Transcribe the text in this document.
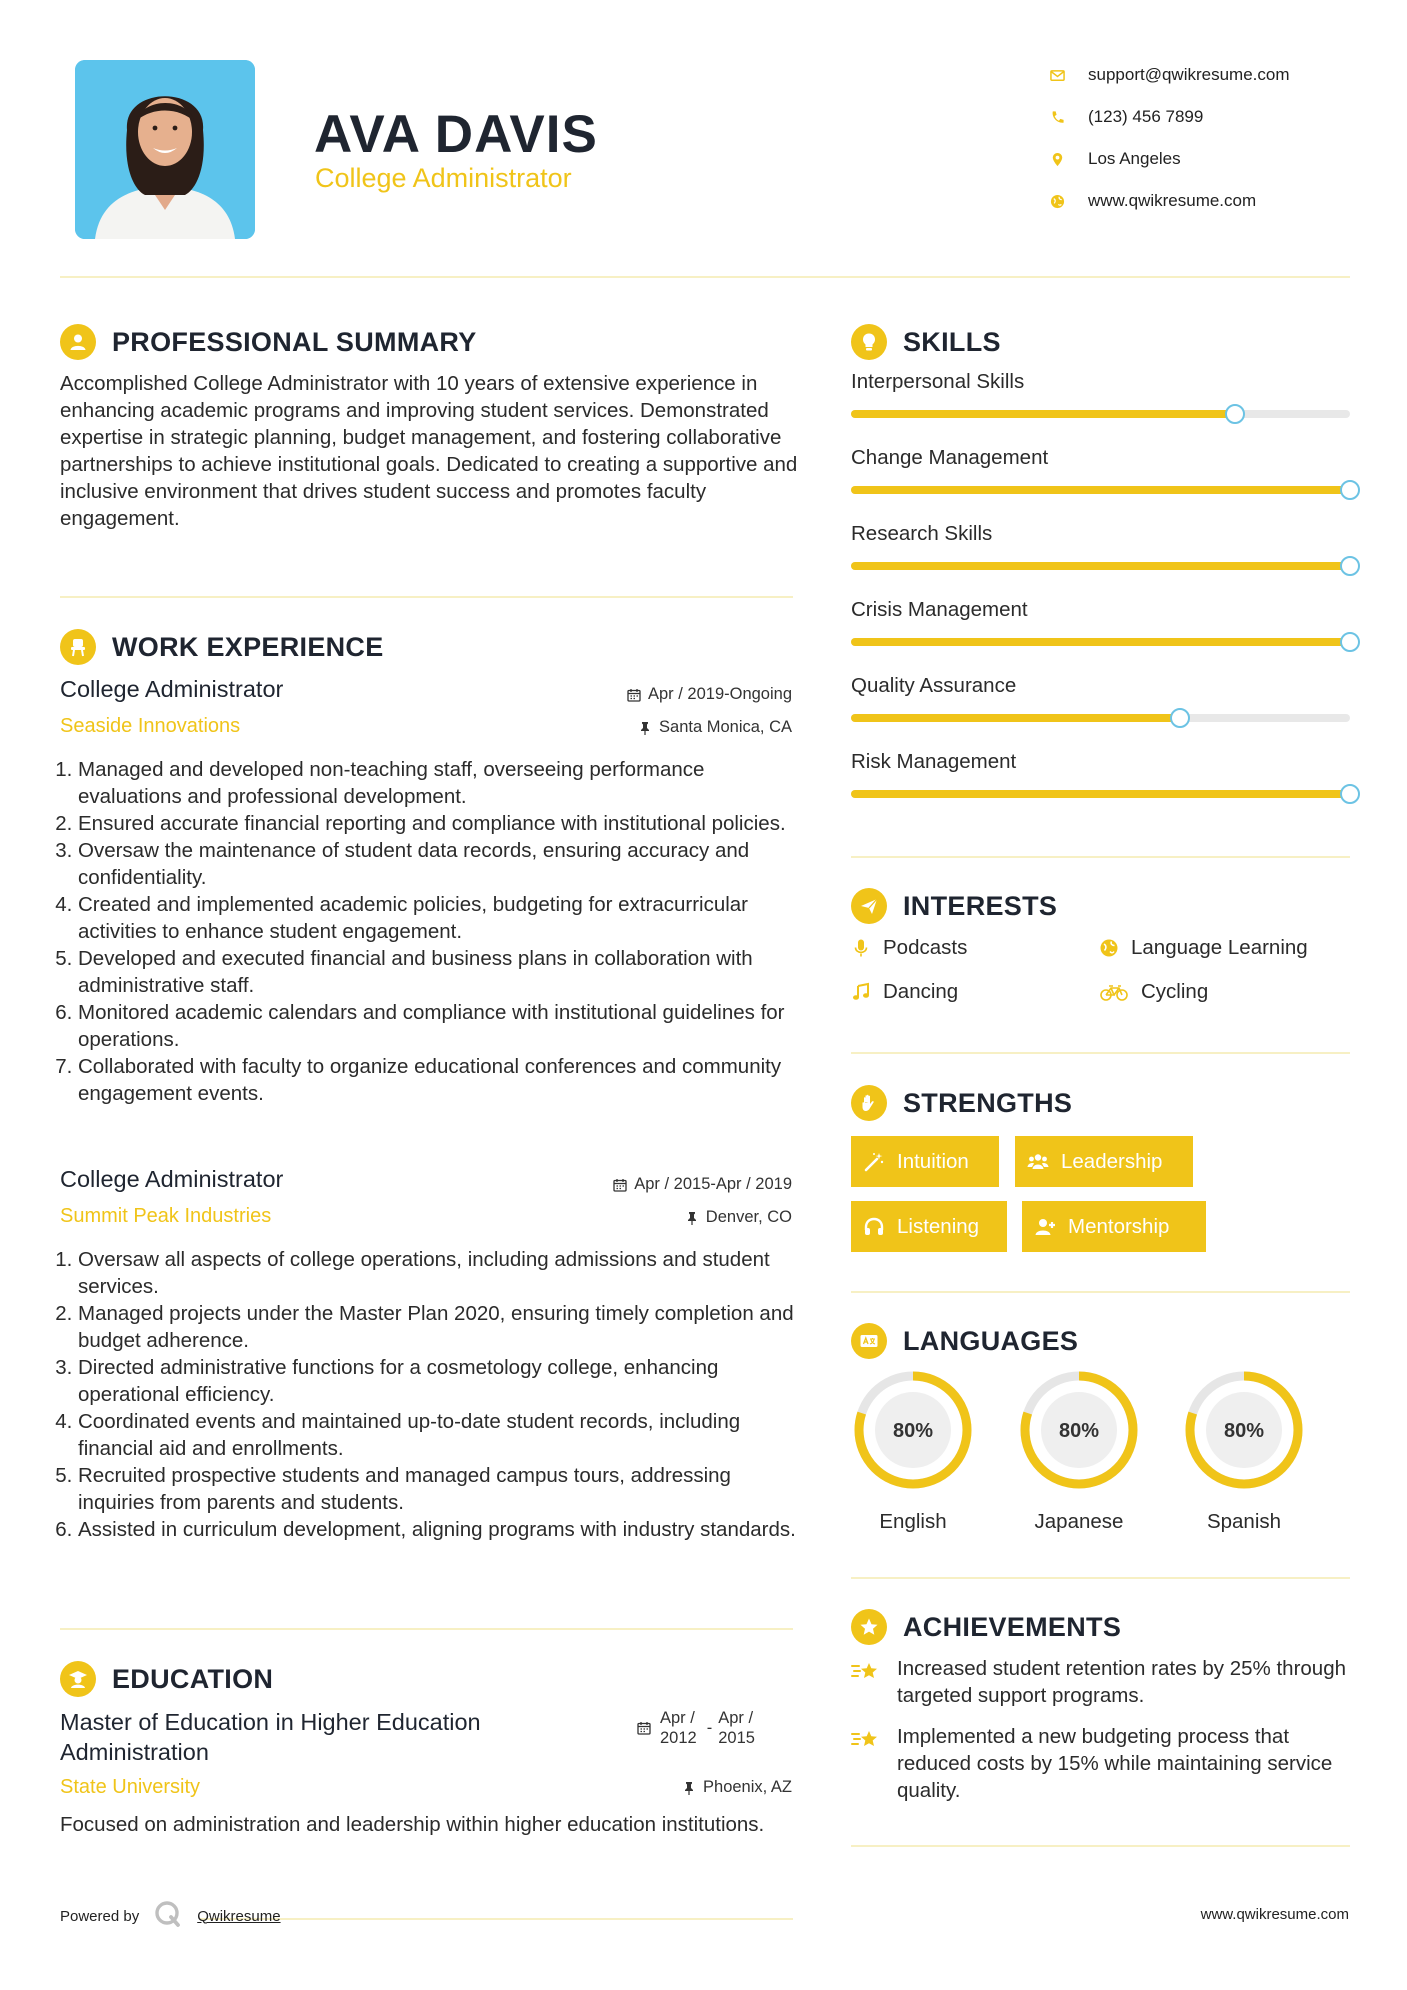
AVA DAVIS
College Administrator
support@qwikresume.com
(123) 456 7899
Los Angeles
www.qwikresume.com
PROFESSIONAL SUMMARY
Accomplished College Administrator with 10 years of extensive experience in enhancing academic programs and improving student services. Demonstrated expertise in strategic planning, budget management, and fostering collaborative partnerships to achieve institutional goals. Dedicated to creating a supportive and inclusive environment that drives student success and promotes faculty engagement.
WORK EXPERIENCE
College Administrator	Apr / 2019-Ongoing
Seaside Innovations	Santa Monica, CA
1. Managed and developed non-teaching staff, overseeing performance evaluations and professional development.
2. Ensured accurate financial reporting and compliance with institutional policies.
3. Oversaw the maintenance of student data records, ensuring accuracy and confidentiality.
4. Created and implemented academic policies, budgeting for extracurricular activities to enhance student engagement.
5. Developed and executed financial and business plans in collaboration with administrative staff.
6. Monitored academic calendars and compliance with institutional guidelines for operations.
7. Collaborated with faculty to organize educational conferences and community engagement events.
College Administrator	Apr / 2015-Apr / 2019
Summit Peak Industries	Denver, CO
1. Oversaw all aspects of college operations, including admissions and student services.
2. Managed projects under the Master Plan 2020, ensuring timely completion and budget adherence.
3. Directed administrative functions for a cosmetology college, enhancing operational efficiency.
4. Coordinated events and maintained up-to-date student records, including financial aid and enrollments.
5. Recruited prospective students and managed campus tours, addressing inquiries from parents and students.
6. Assisted in curriculum development, aligning programs with industry standards.
EDUCATION
Master of Education in Higher Education
Administration
Apr /
2012
-
Apr /
2015
State University	Phoenix, AZ
Focused on administration and leadership within higher education institutions.
SKILLS
Interpersonal Skills
Change Management
Research Skills
Crisis Management
Quality Assurance
Risk Management
INTERESTS
Podcasts	Language Learning
Dancing	Cycling
STRENGTHS
Intuition	Leadership
Listening	Mentorship
LANGUAGES
80%
English
80%
Japanese
80%
Spanish
ACHIEVEMENTS
Increased student retention rates by 25% through targeted support programs.
Implemented a new budgeting process that reduced costs by 15% while maintaining service quality.
Powered by	Qwikresume	www.qwikresume.com
